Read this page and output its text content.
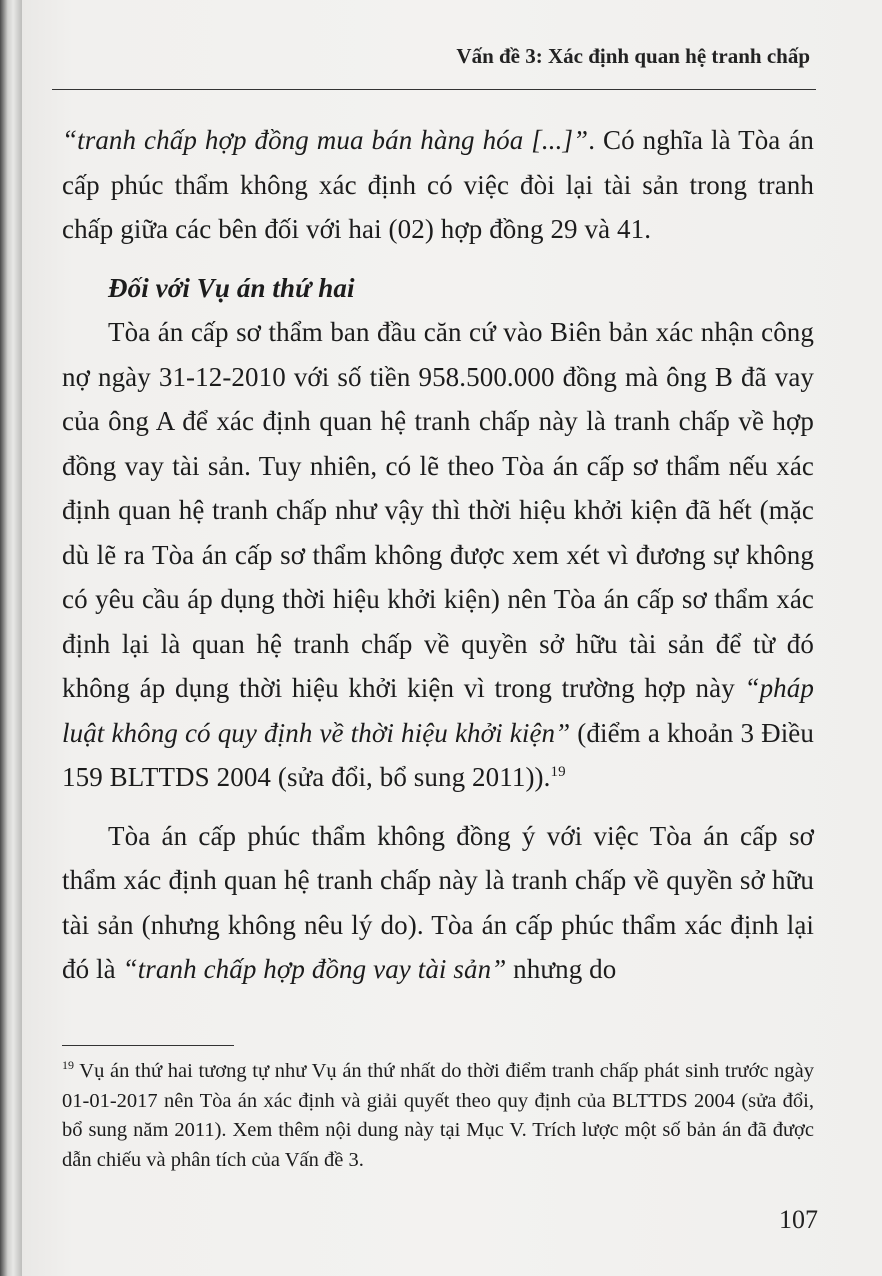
Vấn đề 3: Xác định quan hệ tranh chấp

“tranh chấp hợp đồng mua bán hàng hóa [...]”. Có nghĩa là Tòa án cấp phúc thẩm không xác định có việc đòi lại tài sản trong tranh chấp giữa các bên đối với hai (02) hợp đồng 29 và 41.

Đối với Vụ án thứ hai

Tòa án cấp sơ thẩm ban đầu căn cứ vào Biên bản xác nhận công nợ ngày 31-12-2010 với số tiền 958.500.000 đồng mà ông B đã vay của ông A để xác định quan hệ tranh chấp này là tranh chấp về hợp đồng vay tài sản. Tuy nhiên, có lẽ theo Tòa án cấp sơ thẩm nếu xác định quan hệ tranh chấp như vậy thì thời hiệu khởi kiện đã hết (mặc dù lẽ ra Tòa án cấp sơ thẩm không được xem xét vì đương sự không có yêu cầu áp dụng thời hiệu khởi kiện) nên Tòa án cấp sơ thẩm xác định lại là quan hệ tranh chấp về quyền sở hữu tài sản để từ đó không áp dụng thời hiệu khởi kiện vì trong trường hợp này “pháp luật không có quy định về thời hiệu khởi kiện” (điểm a khoản 3 Điều 159 BLTTDS 2004 (sửa đổi, bổ sung 2011)).$^{19}$

Tòa án cấp phúc thẩm không đồng ý với việc Tòa án cấp sơ thẩm xác định quan hệ tranh chấp này là tranh chấp về quyền sở hữu tài sản (nhưng không nêu lý do). Tòa án cấp phúc thẩm xác định lại đó là “tranh chấp hợp đồng vay tài sản” nhưng do

$^{19}$ Vụ án thứ hai tương tự như Vụ án thứ nhất do thời điểm tranh chấp phát sinh trước ngày 01-01-2017 nên Tòa án xác định và giải quyết theo quy định của BLTTDS 2004 (sửa đổi, bổ sung năm 2011). Xem thêm nội dung này tại Mục V. Trích lược một số bản án đã được dẫn chiếu và phân tích của Vấn đề 3.

107
